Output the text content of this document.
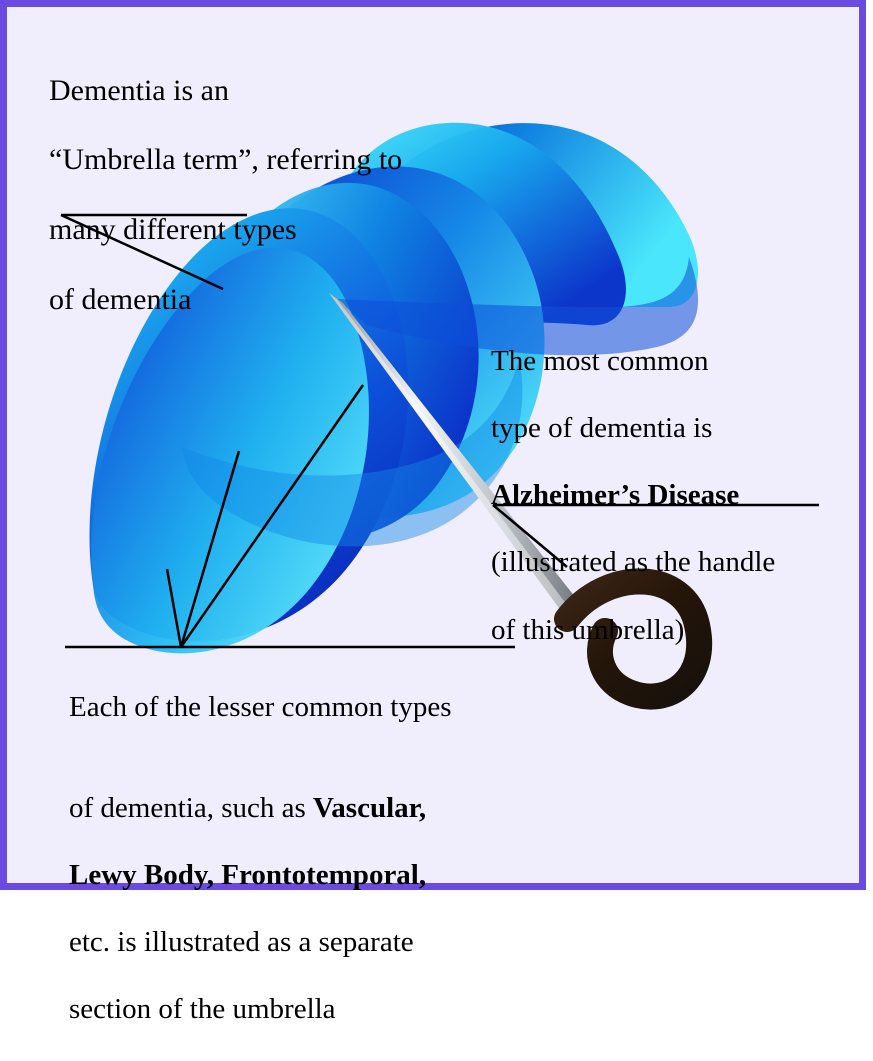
Dementia is an

“Umbrella term”, referring to

many different types

of dementia

The most common

type of dementia is

Alzheimer’s Disease

(illustrated as the handle

of this umbrella)

Each of the lesser common types

of dementia, such as Vascular,

Lewy Body, Frontotemporal,

etc. is illustrated as a separate

section of the umbrella
